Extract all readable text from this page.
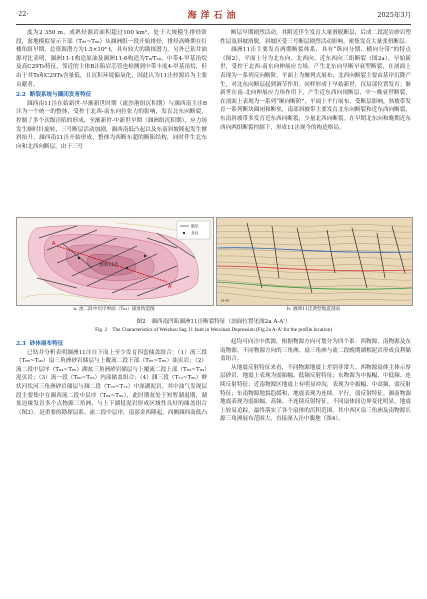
·22·	海洋石油	2025年3月

度为2 350 m，成熟烃源岩面积超过100 km²，处于大规模生排烃阶段，盆地模拟显示下部（T₈₃~T₈₆）从涠洲组一段开始排烃，排烃高峰期在灯楼角组早期，总资源潜力为1.5×10⁸ t，具有较大的勘探潜力。另外已钻井油源对比表明，涠洲11-1构造原油及涠洲11-6构造为T₈/T₆₉，中带4-甲基甾烷及高C29Ts特征，邻近的主体B洼陷岩芯管也检测到中带丰度4-甲基甾烷，但由于其Ts和C29Ts含量低，且沉积环境偏氧化，因此认为11洼烃源岩为主要贡献者。

2.2 断裂系统与圈闭发育特征

涠西南11洼在始新世-早渐新世时期（流沙港组沉积期）与涠西南主洼B洼为一个统一的整体，受控于北西-南东向拉张力的影响，发育北东向断裂，控制了多个次级洼陷的形成，至渐新世-中新世早期（涠洲组沉积期），应力场发生顺时针旋转，三号断层活动加剧，涠西南低凸起以及东南斜坡隆起发生掀斜抬升，涠西南11洼开始形成，整体为西断东超的断陷结构，同时伴生北东向和北西向断层，由于三号

断层早期剧烈活动，其附近伴生发育大量滑脱断层，后成二段泥岩砂岩塑性层及斜坡滑脱，斜坡区受三号断层剧烈活动影响，密集发育大量张扭断层。

涠洲11洼主要发育两期断裂体系，具有“纵向分期、横向分带”的特点（图2），平面上分为北东向、北西向、近东西向三组断裂（图2a）。早始新世，受控于北西-南东向伸展应力场，产生北东向早断早衰型断裂，在剖面上表现为一系列反向断阶，平面上为雁列式展布；北西向断裂主要由基岸沉降产生，对北东向断层起到调节作用。同样形成于早始新世，仅局部位置发育；渐新世在南-北向伸展应力场作用下，产生近东西向现断层，中～晚衰世断裂，在剖面上表现为一系列“顺向断阶”，平面上平行展布，受断层影响，斜坡带发育一系列断块圈闭和断垒，南部斜坡带主要发育北东向断裂和近东西向断裂，东南斜坡带多发育近东西向断裂，少量北西向断裂。在早期北东向和晚期近东西向两组断裂控制下，形成11洼现今的构造格局。

A
A'
涠洲11洼
断层
井位
A-A'
a. 流二段中层序界面（T₈₃）深度构造图	b. 涠洲11洼典型地震剖面
图2　涠西南凹陷涠洲11洼断裂特征（剖面位置见图2a A-A'）
Fig. 2　The Characteristics of Weizhou Sag 11 fault in Weixinan Depression (Fig.2a A-A' for the profile location)

2.3 砂体展布特征

已钻井分析表明涠洲11洼自下而上至少发育四套储盖组合：（1）流三段（T₈₆~T₉₀）扇三角洲砂岩储层与上覆流二段下部（T₈₅~T₈₆）油页岩；（2）流二段中层序（T₈₄~T₈₅）湖盆三角洲砂岩储层与上覆流二段上部（T₈₃~T₈₄）泥页岩；（3）流一段（T₈₀~T₈₃）内部储盖组合；（4）涠三段（T₇₂~T₈₀）辫状河状河三角洲砂岩储层与涠二段（T₇₀~T₇₂）中深湖泥岩。其中油气发现层段主要集中在涠西流二段中层序（T₈₄~T₈₅），此时期盆处于短暂湖退期，湖盆边缘发育多个点物源三角洲，与上下湖侵泥岩形成区域性良好的储盖组合（图3）。是重要的勘探层系。流二段中层序，南部金西隆起、西侧涠西南低凸

起均可向洼中供源，根据物源方向可划分为四个系：西物源、南物源及东南物源。不同物源方向的三角洲、扇三角洲与流二段晚期湖相泥岩形成良利储盖组合。

从地震反射特征来看，不同物源地震上差别非常大。西物源扇体主体示厚层砂岩，地震上表现为弱振幅、低频反射特征；东物源为中振幅、中低频、连续反射特征；近南物源区地震上有明显冲沟，表现为中振幅、中高频、弱反射特征；东南物源地貌趋缓和，地震表现为连续、平行、弱反射特征。涠南物源地震表现为弱振幅、高频、不连续反射特征。不同扇体间边界变化明显，地震上较易追踪，最终落实了各个扇体的沉积范围，其中西区扇三角洲及南物源长源三角洲展布范围大，直接深入洼中腹地（图4）。
